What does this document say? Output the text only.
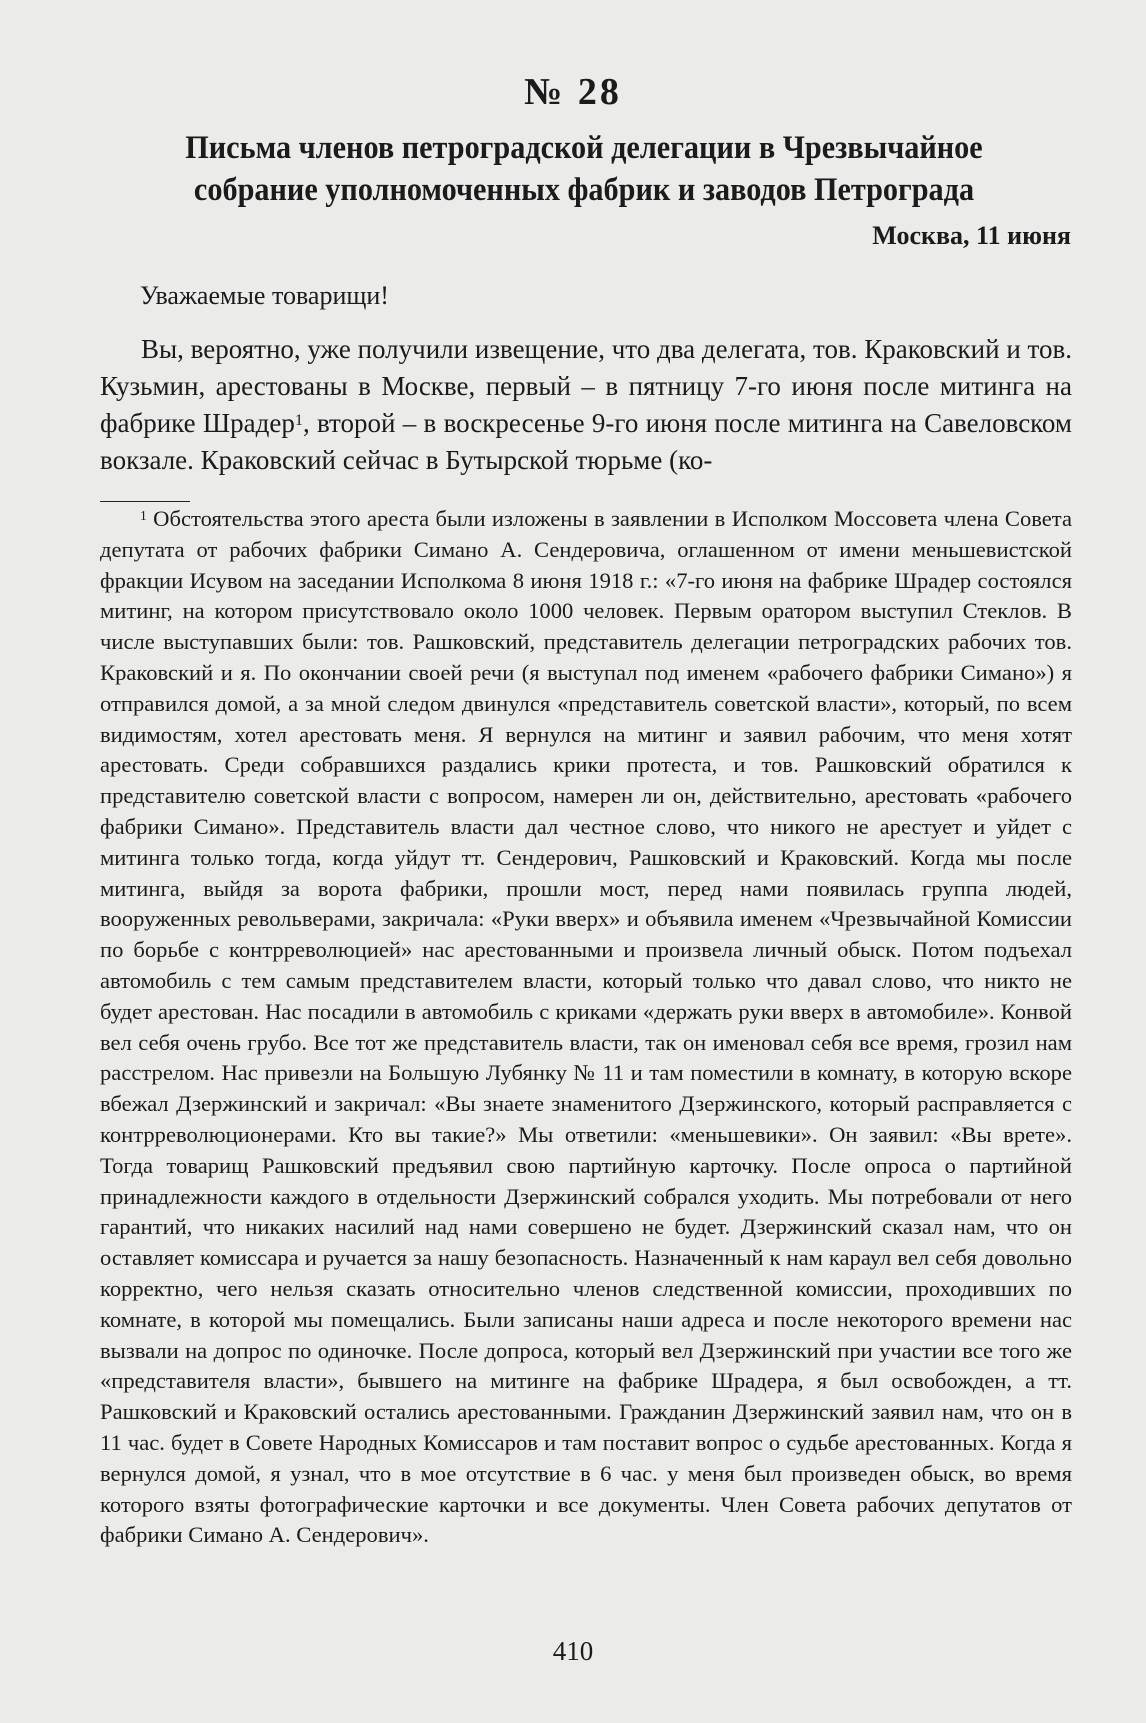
№ 28
Письма членов петроградской делегации в Чрезвычайное собрание уполномоченных фабрик и заводов Петрограда
Москва, 11 июня
Уважаемые товарищи!

Вы, вероятно, уже получили извещение, что два делегата, тов. Краковский и тов. Кузьмин, арестованы в Москве, первый – в пятницу 7-го июня после митинга на фабрике Шрадер$^1$, второй – в воскресенье 9-го июня после митинга на Савеловском вокзале. Краковский сейчас в Бутырской тюрьме (ко-

$^1$ Обстоятельства этого ареста были изложены в заявлении в Исполком Моссовета члена Совета депутата от рабочих фабрики Симано А. Сендеровича, оглашенном от имени меньшевистской фракции Исувом на заседании Исполкома 8 июня 1918 г.: «7-го июня на фабрике Шрадер состоялся митинг, на котором присутствовало около 1000 человек. Первым оратором выступил Стеклов. В числе выступавших были: тов. Рашковский, представитель делегации петроградских рабочих тов. Краковский и я. По окончании своей речи (я выступал под именем «рабочего фабрики Симано») я отправился домой, а за мной следом двинулся «представитель советской власти», который, по всем видимостям, хотел арестовать меня. Я вернулся на митинг и заявил рабочим, что меня хотят арестовать. Среди собравшихся раздались крики протеста, и тов. Рашковский обратился к представителю советской власти с вопросом, намерен ли он, действительно, арестовать «рабочего фабрики Симано». Представитель власти дал честное слово, что никого не арестует и уйдет с митинга только тогда, когда уйдут тт. Сендерович, Рашковский и Краковский. Когда мы после митинга, выйдя за ворота фабрики, прошли мост, перед нами появилась группа людей, вооруженных револьверами, закричала: «Руки вверх» и объявила именем «Чрезвычайной Комиссии по борьбе с контрреволюцией» нас арестованными и произвела личный обыск. Потом подъехал автомобиль с тем самым представителем власти, который только что давал слово, что никто не будет арестован. Нас посадили в автомобиль с криками «держать руки вверх в автомобиле». Конвой вел себя очень грубо. Все тот же представитель власти, так он именовал себя все время, грозил нам расстрелом. Нас привезли на Большую Лубянку № 11 и там поместили в комнату, в которую вскоре вбежал Дзержинский и закричал: «Вы знаете знаменитого Дзержинского, который расправляется с контрреволюционерами. Кто вы такие?» Мы ответили: «меньшевики». Он заявил: «Вы врете». Тогда товарищ Рашковский предъявил свою партийную карточку. После опроса о партийной принадлежности каждого в отдельности Дзержинский собрался уходить. Мы потребовали от него гарантий, что никаких насилий над нами совершено не будет. Дзержинский сказал нам, что он оставляет комиссара и ручается за нашу безопасность. Назначенный к нам караул вел себя довольно корректно, чего нельзя сказать относительно членов следственной комиссии, проходивших по комнате, в которой мы помещались. Были записаны наши адреса и после некоторого времени нас вызвали на допрос по одиночке. После допроса, который вел Дзержинский при участии все того же «представителя власти», бывшего на митинге на фабрике Шрадера, я был освобожден, а тт. Рашковский и Краковский остались арестованными. Гражданин Дзержинский заявил нам, что он в 11 час. будет в Совете Народных Комиссаров и там поставит вопрос о судьбе арестованных. Когда я вернулся домой, я узнал, что в мое отсутствие в 6 час. у меня был произведен обыск, во время которого взяты фотографические карточки и все документы. Член Совета рабочих депутатов от фабрики Симано А. Сендерович».

410
